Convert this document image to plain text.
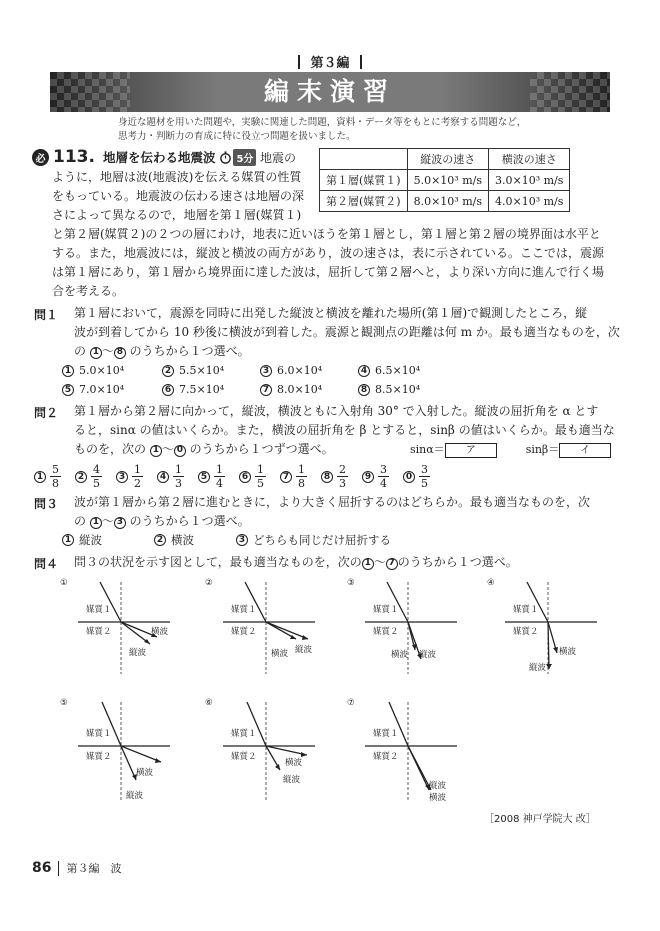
第３編
編末演習
身近な題材を用いた問題や，実験に関連した問題，資料・データ等をもとに考察する問題など，
思考力・判断力の育成に特に役立つ問題を扱いました。
必 113. 地層を伝わる地震波	5分 地震の
ように，地層は波(地震波)を伝える媒質の性質
をもっている。地震波の伝わる速さは地層の深
さによって異なるので，地層を第１層(媒質１)
	縦波の速さ	横波の速さ
第１層(媒質１)	5.0×10³ m/s	3.0×10³ m/s
第２層(媒質２)	8.0×10³ m/s	4.0×10³ m/s
と第２層(媒質２)の２つの層にわけ，地表に近いほうを第１層とし，第１層と第２層の境界面は水平と
する。また，地震波には，縦波と横波の両方があり，波の速さは，表に示されている。ここでは，震源
は第１層にあり，第１層から境界面に達した波は，屈折して第２層へと，より深い方向に進んで行く場
合を考える。
問１ 第１層において，震源を同時に出発した縦波と横波を離れた場所(第１層)で観測したところ，縦
波が到着してから 10 秒後に横波が到着した。震源と観測点の距離は何 m か。最も適当なものを，次
の 1 ～ 8 のうちから１つ選べ。
1 5.0×10⁴	2 5.5×10⁴	3 6.0×10⁴	4 6.5×10⁴
5 7.0×10⁴	6 7.5×10⁴	7 8.0×10⁴	8 8.5×10⁴
問２ 第１層から第２層に向かって，縦波，横波ともに入射角 30° で入射した。縦波の屈折角を α とす
ると，sinα の値はいくらか。また，横波の屈折角を β とすると，sinβ の値はいくらか。最も適当な
ものを，次の 1 ～ 0 のうちから１つずつ選べ。	sinα＝ ア	sinβ＝ イ
$1 \frac{5}{8}$	$2 \frac{4}{5}$	$3 \frac{1}{2}$	$4 \frac{1}{3}$	$5 \frac{1}{4}$	$6 \frac{1}{5}$	$7 \frac{1}{8}$	$8 \frac{2}{3}$	$9 \frac{3}{4}$	$0 \frac{3}{5}$
問３ 波が第１層から第２層に進むときに，より大きく屈折するのはどちらか。最も適当なものを，次
の 1 ～ 3 のうちから１つ選べ。
1 縦波	2 横波	3 どちらも同じだけ屈折する
問４ 問３の状況を示す図として，最も適当なものを，次の 1 ～ 7 のうちから１つ選べ。
①
媒質１
媒質２	横波
縦波
②
媒質１
媒質２
縦波
横波
③
媒質１
媒質２
横波 縦波
④
媒質１
媒質２
横波
縦波
⑤
媒質１
媒質２
横波
縦波
⑥
媒質１
媒質２
横波
縦波
⑦
媒質１
媒質２
縦波
横波
［2008 神戸学院大 改］
86 第３編　波
